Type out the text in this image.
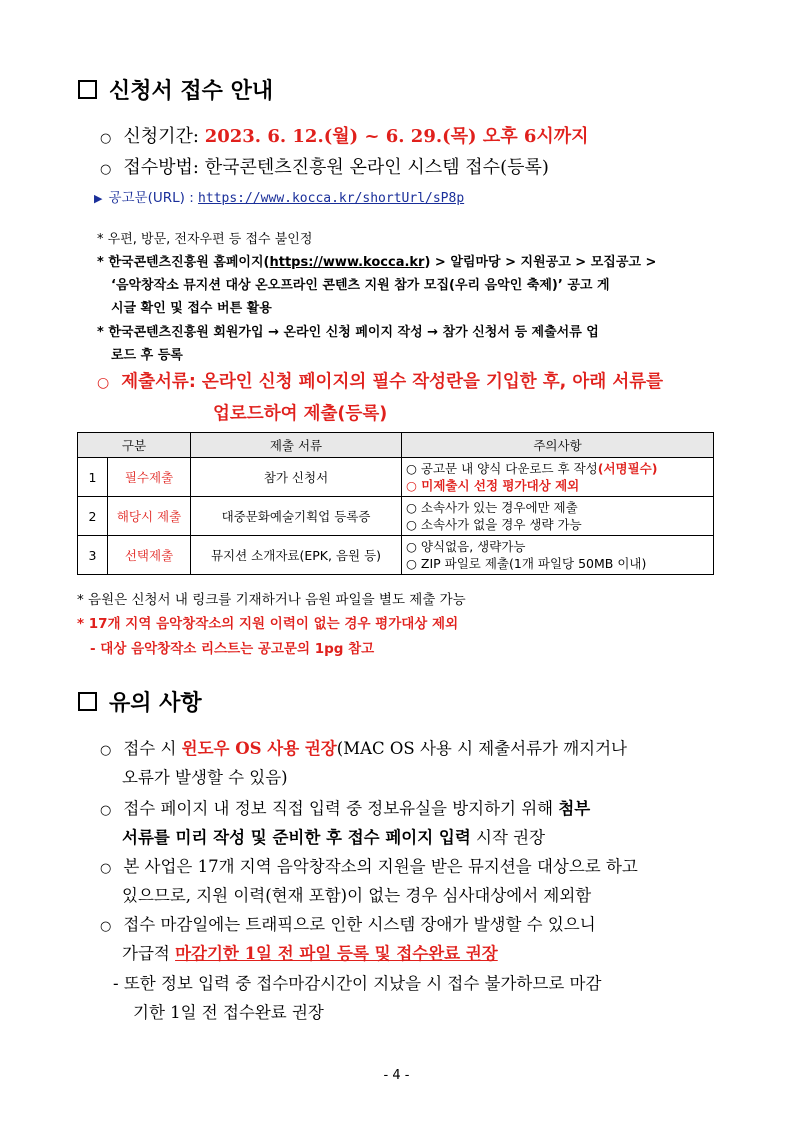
신청서 접수 안내
○ 신청기간: 2023. 6. 12.(월) ~ 6. 29.(목) 오후 6시까지
○ 접수방법: 한국콘텐츠진흥원 온라인 시스템 접수(등록)
▶ 공고문(URL) : https://www.kocca.kr/shortUrl/sP8p
* 우편, 방문, 전자우편 등 접수 불인정
* 한국콘텐츠진흥원 홈페이지(https://www.kocca.kr) > 알림마당 > 지원공고 > 모집공고 >
‘음악창작소 뮤지션 대상 온오프라인 콘텐츠 지원 참가 모집(우리 음악인 축제)’ 공고 게
시글 확인 및 접수 버튼 활용
* 한국콘텐츠진흥원 회원가입 → 온라인 신청 페이지 작성 → 참가 신청서 등 제출서류 업
로드 후 등록
○ 제출서류: 온라인 신청 페이지의 필수 작성란을 기입한 후, 아래 서류를
업로드하여 제출(등록)
구분		제출 서류	주의사항
1	필수제출	참가 신청서	○ 공고문 내 양식 다운로드 후 작성(서명필수)
○ 미제출시 선정 평가대상 제외

2	해당시 제출	대중문화예술기획업 등록증	○ 소속사가 있는 경우에만 제출
○ 소속사가 없을 경우 생략 가능

3	선택제출	뮤지션 소개자료(EPK, 음원 등)	○ 양식없음, 생략가능
○ ZIP 파일로 제출(1개 파일당 50MB 이내)
* 음원은 신청서 내 링크를 기재하거나 음원 파일을 별도 제출 가능
* 17개 지역 음악창작소의 지원 이력이 없는 경우 평가대상 제외
- 대상 음악창작소 리스트는 공고문의 1pg 참고
유의 사항
○ 접수 시 윈도우 OS 사용 권장(MAC OS 사용 시 제출서류가 깨지거나
오류가 발생할 수 있음)
○ 접수 페이지 내 정보 직접 입력 중 정보유실을 방지하기 위해 첨부
서류를 미리 작성 및 준비한 후 접수 페이지 입력 시작 권장
○ 본 사업은 17개 지역 음악창작소의 지원을 받은 뮤지션을 대상으로 하고
있으므로, 지원 이력(현재 포함)이 없는 경우 심사대상에서 제외함
○ 접수 마감일에는 트래픽으로 인한 시스템 장애가 발생할 수 있으니
가급적 마감기한 1일 전 파일 등록 및 접수완료 권장
- 또한 정보 입력 중 접수마감시간이 지났을 시 접수 불가하므로 마감
기한 1일 전 접수완료 권장
- 4 -
